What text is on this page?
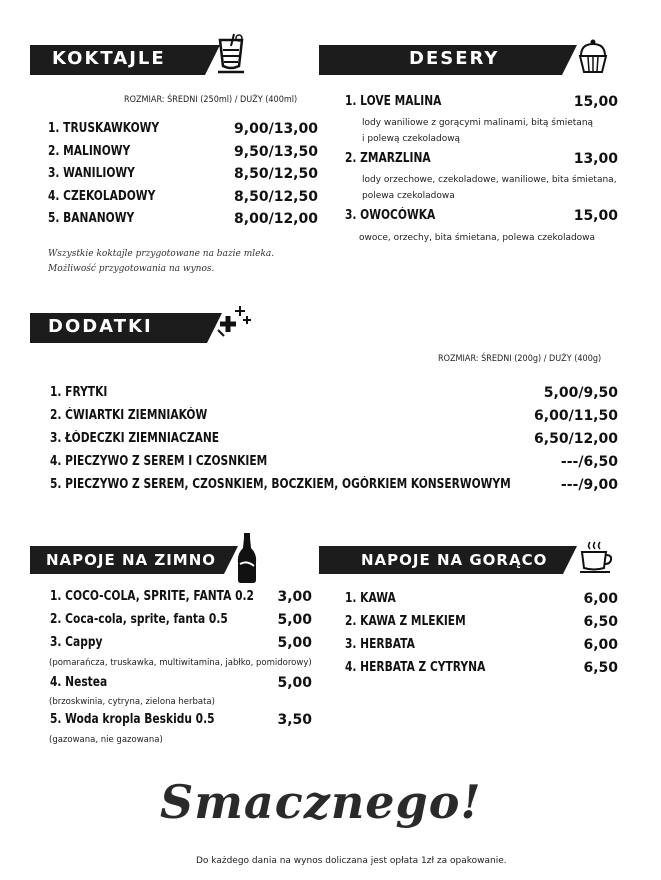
KOKTAJLE
ROZMIAR: ŚREDNI (250ml) / DUŻY (400ml)
1. TRUSKAWKOWY	9,00/13,00
2. MALINOWY	9,50/13,50
3. WANILIOWY	8,50/12,50
4. CZEKOLADOWY	8,50/12,50
5. BANANOWY	8,00/12,00
Wszystkie koktajle przygotowane na bazie mleka.
Możliwość przygotowania na wynos.
DESERY
1. LOVE MALINA	15,00
lody waniliowe z gorącymi malinami, bitą śmietaną
i polewą czekoladową
2. ZMARZLINA	13,00
lody orzechowe, czekoladowe, waniliowe, bita śmietana,
polewa czekoladowa
3. OWOCÓWKA	15,00
owoce, orzechy, bita śmietana, polewa czekoladowa
DODATKI
ROZMIAR: ŚREDNI (200g) / DUŻY (400g)
1. FRYTKI	5,00/9,50
2. ĆWIARTKI ZIEMNIAKÓW	6,00/11,50
3. ŁÓDECZKI ZIEMNIACZANE	6,50/12,00
4. PIECZYWO Z SEREM I CZOSNKIEM	---/6,50
5. PIECZYWO Z SEREM, CZOSNKIEM, BOCZKIEM, OGÓRKIEM KONSERWOWYM	---/9,00
NAPOJE NA ZIMNO
1. COCO-COLA, SPRITE, FANTA 0.2	3,00
2. Coca-cola, sprite, fanta 0.5	5,00
3. Cappy	5,00
(pomarańcza, truskawka, multiwitamina, jabłko, pomidorowy)
4. Nestea	5,00
(brzoskwinia, cytryna, zielona herbata)
5. Woda kropla Beskidu 0.5	3,50
(gazowana, nie gazowana)
NAPOJE NA GORĄCO
1. KAWA	6,00
2. KAWA Z MLEKIEM	6,50
3. HERBATA	6,00
4. HERBATA Z CYTRYNA	6,50
Smacznego!
Do każdego dania na wynos doliczana jest opłata 1zł za opakowanie.
